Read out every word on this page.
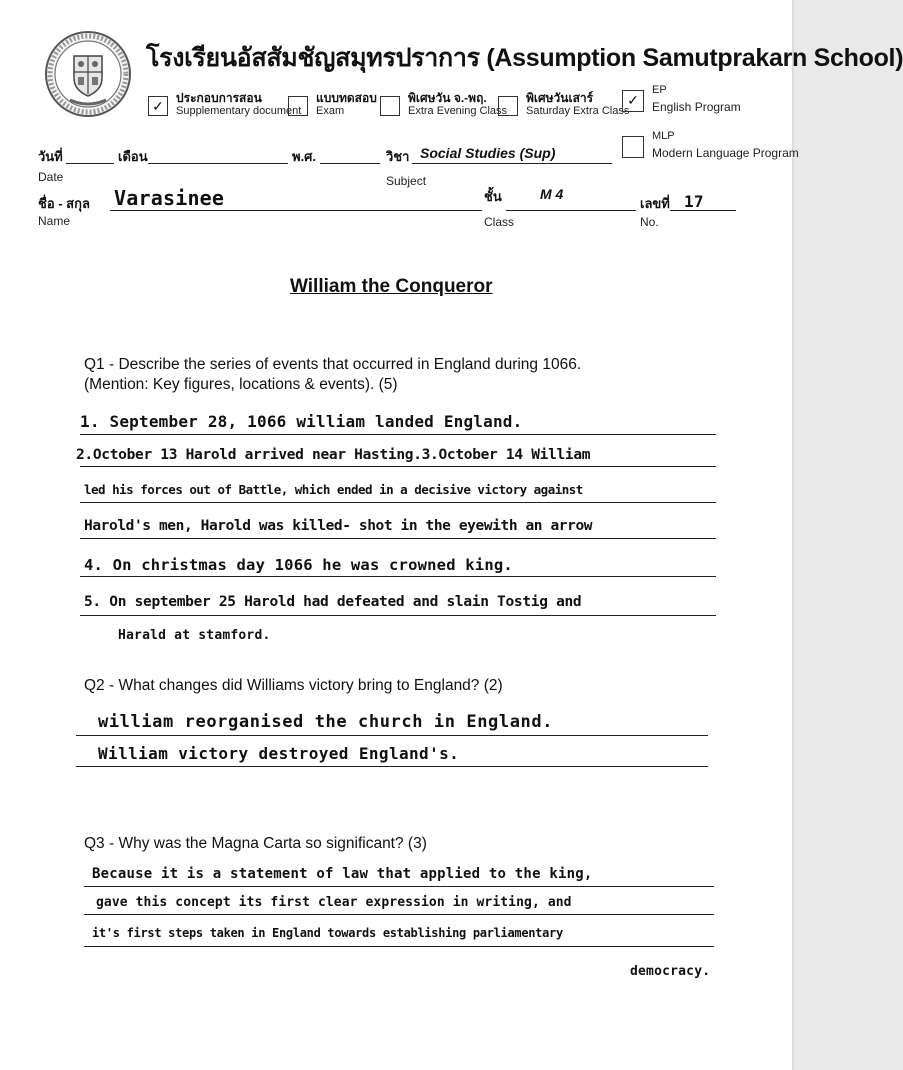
โรงเรียนอัสสัมชัญสมุทรปราการ (Assumption Samutprakarn School)
✓	ประกอบการสอน
Supplementary document
แบบทดสอบ
Exam
พิเศษวัน จ.-พฤ.
Extra Evening Class
พิเศษวันเสาร์
Saturday Extra Class
✓
EP
English Program
MLP
Modern Language Program
วันที่
Date
เดือน	พ.ศ.	วิชา
Subject
Social Studies (Sup)
ชื่อ - สกุล
Name
Varasinee	ชั้น
Class
M 4
เลขที่
No.
17
William the Conqueror
Q1 - Describe the series of events that occurred in England during 1066.
(Mention: Key figures, locations & events). (5)
1. September 28, 1066 william landed England.
2.October 13 Harold arrived near Hasting.3.October 14 William
led his forces out of Battle, which ended in a decisive victory against
Harold's men, Harold was killed- shot in the eyewith an arrow
4. On christmas day 1066 he was crowned king.
5. On september 25 Harold had defeated and slain Tostig and
Harald at stamford.
Q2 - What changes did Williams victory bring to England? (2)
william reorganised the church in England.
William victory destroyed England's.
Q3 - Why was the Magna Carta so significant? (3)
Because it is a statement of law that applied to the king,
gave this concept its first clear expression in writing, and
it's first steps taken in England towards establishing parliamentary
democracy.
